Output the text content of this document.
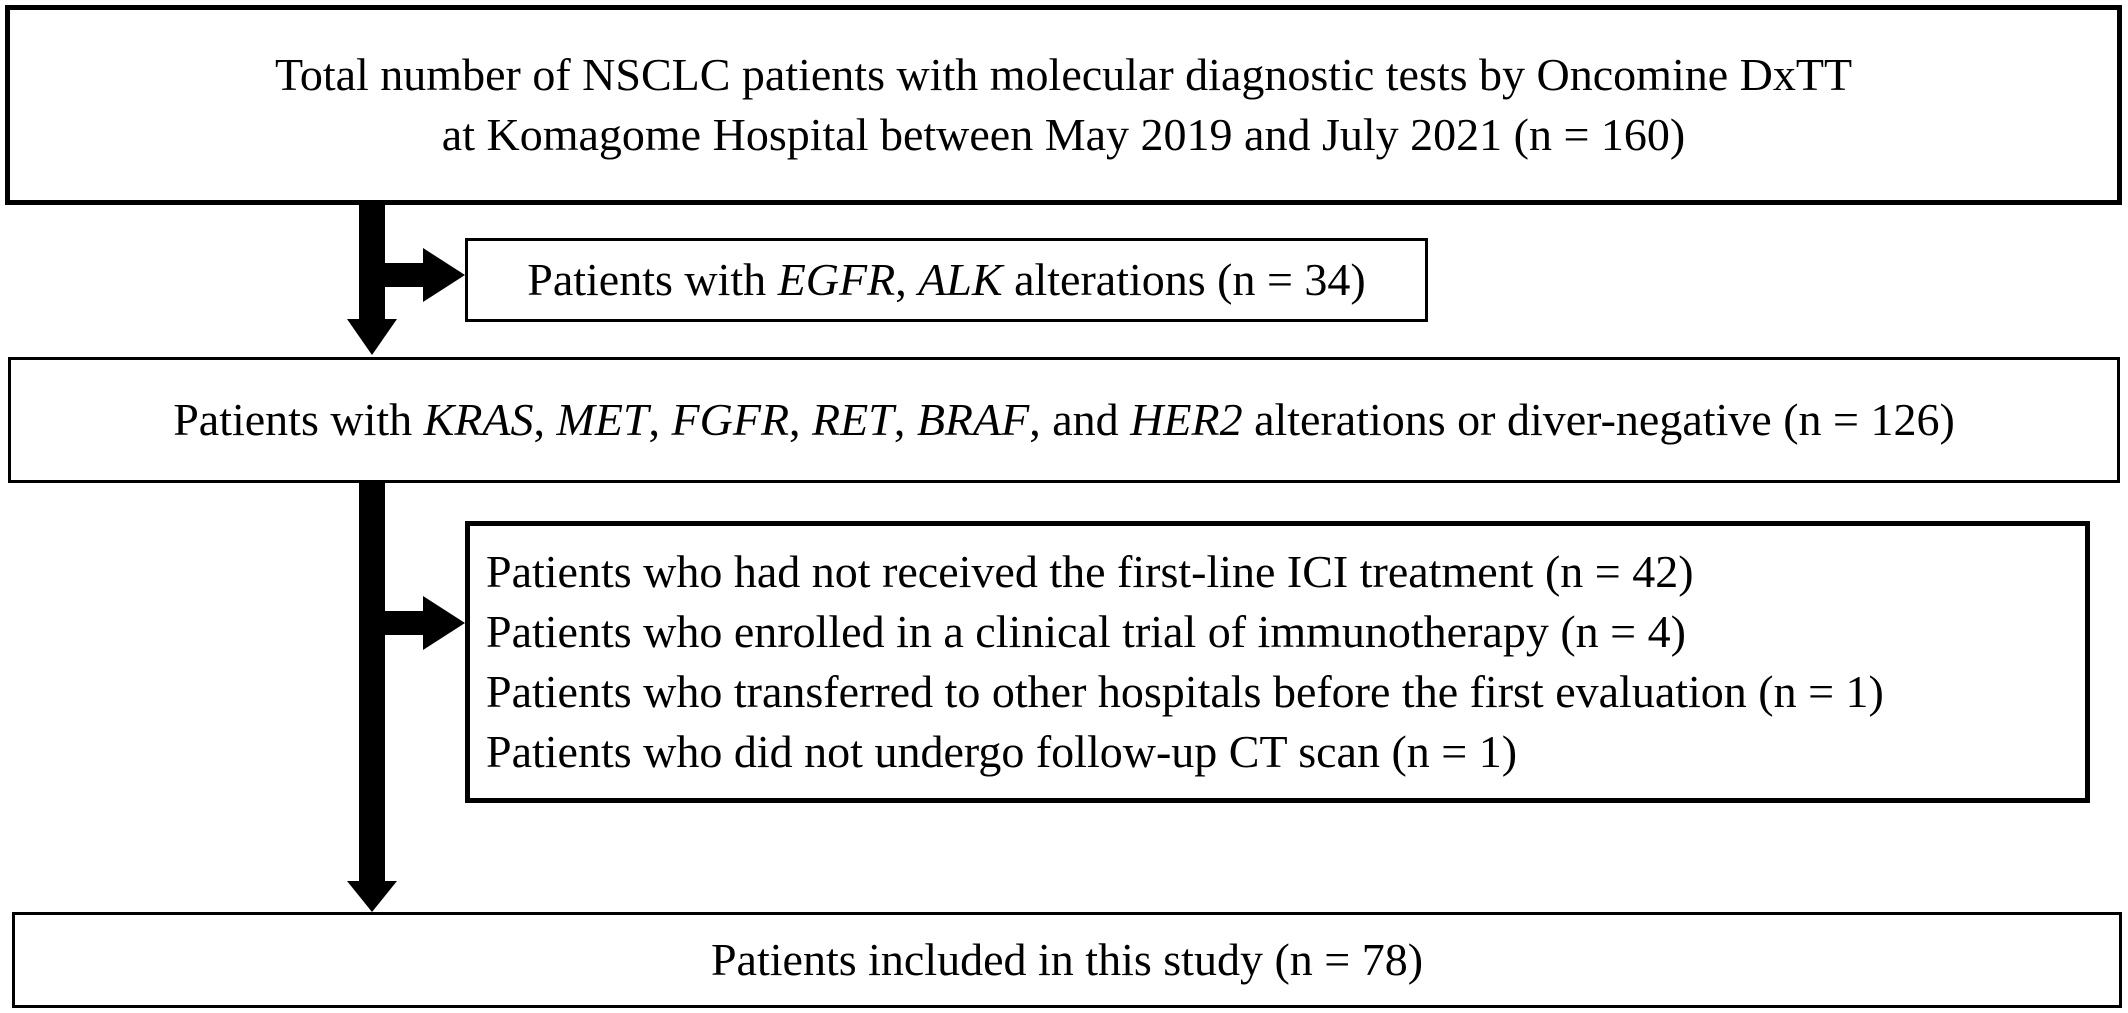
Total number of NSCLC patients with molecular diagnostic tests by Oncomine DxTT
at Komagome Hospital between May 2019 and July 2021 (n = 160)
Patients with EGFR, ALK alterations (n = 34)
Patients with KRAS, MET, FGFR, RET, BRAF, and HER2 alterations or diver-negative (n = 126)
Patients who had not received the first-line ICI treatment (n = 42)
Patients who enrolled in a clinical trial of immunotherapy (n = 4)
Patients who transferred to other hospitals before the first evaluation (n = 1)
Patients who did not undergo follow-up CT scan (n = 1)
Patients included in this study (n = 78)
